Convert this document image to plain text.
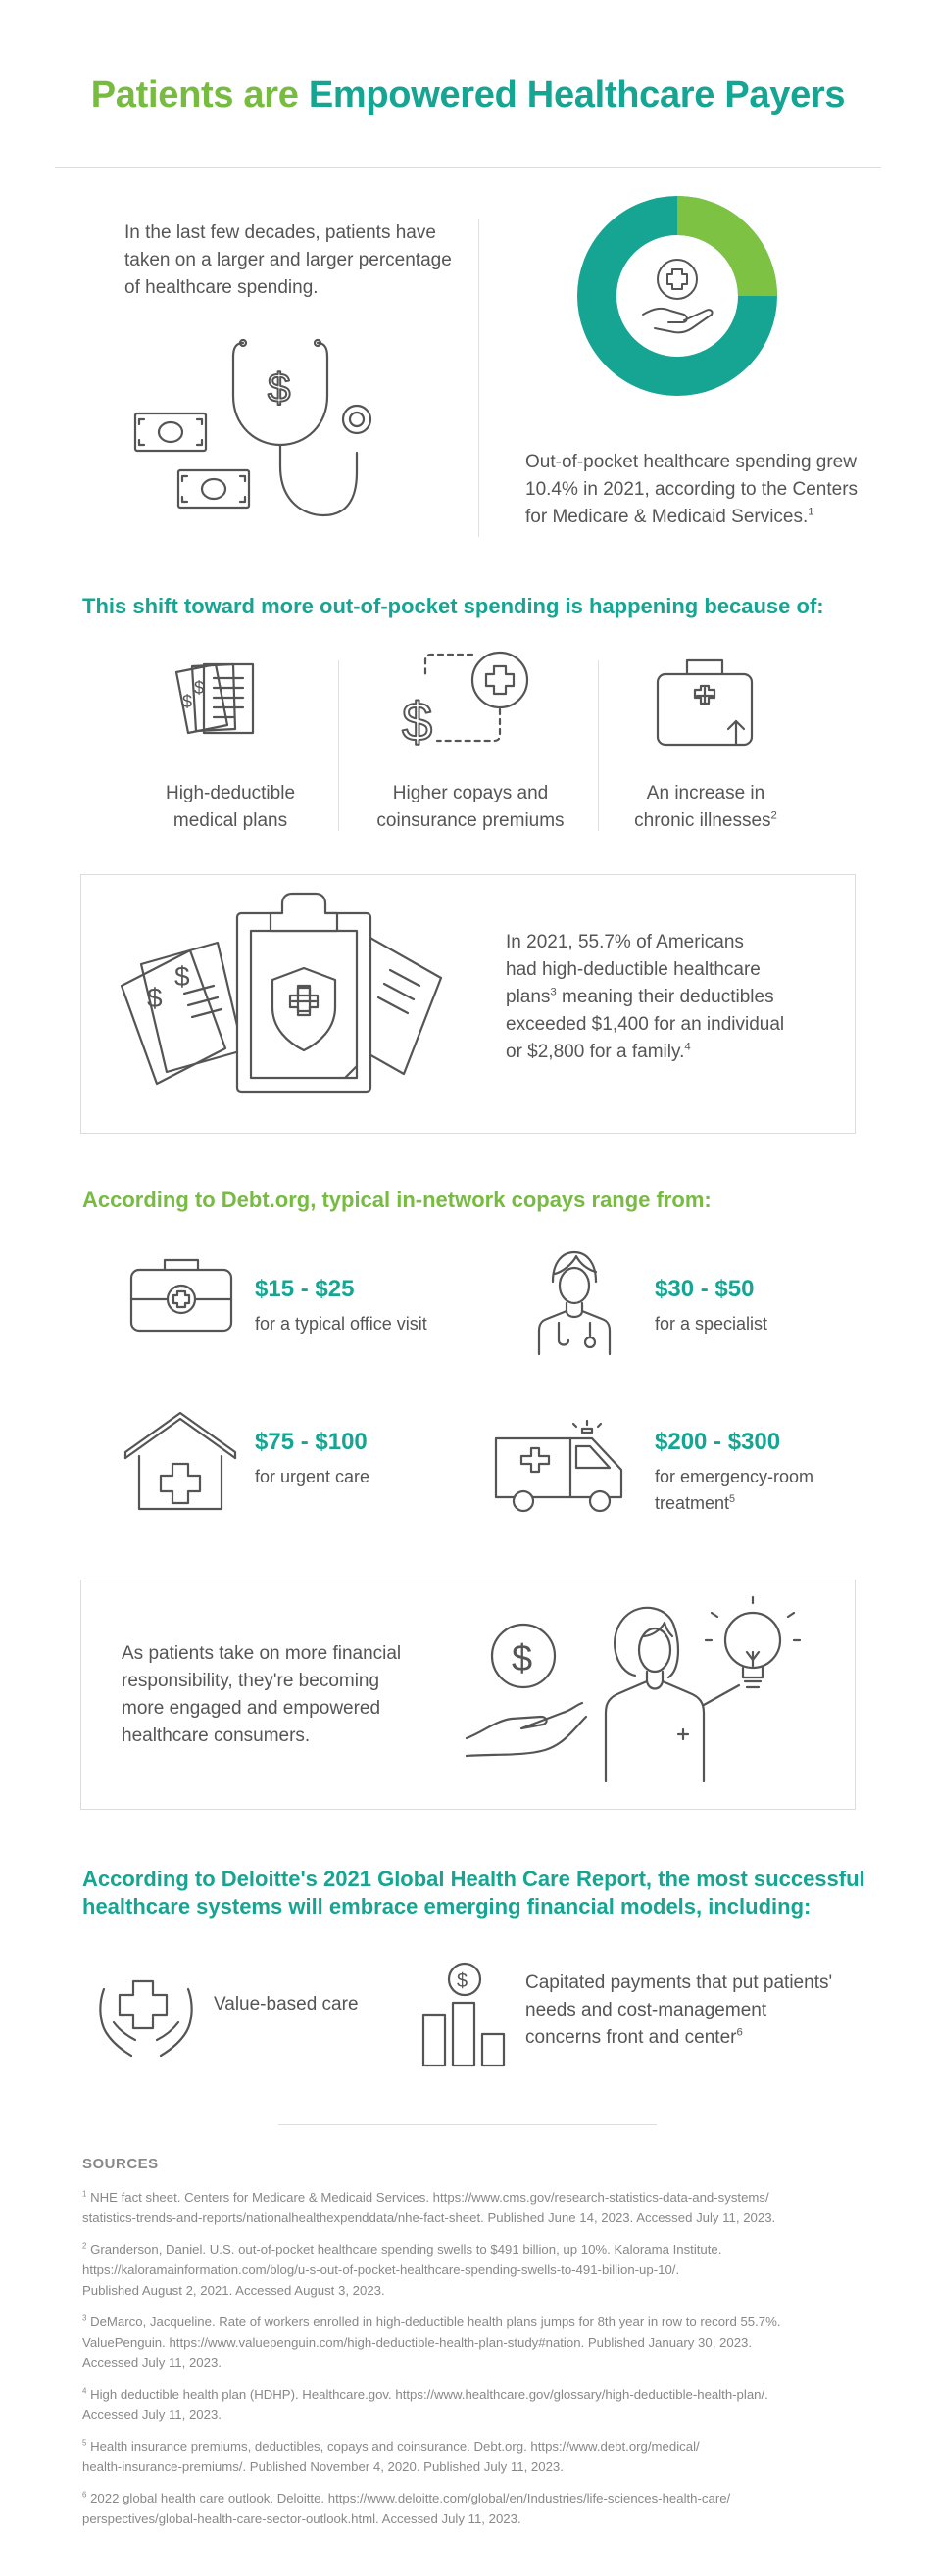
Patients are Empowered Healthcare Payers
In the last few decades, patients have taken on a larger and larger percentage of healthcare spending.
$
Out-of-pocket healthcare spending grew 10.4% in 2021, according to the Centers for Medicare & Medicaid Services.$^1$
This shift toward more out-of-pocket spending is happening because of:
$
$
$
High-deductible
medical plans
Higher copays and
coinsurance premiums
An increase in
chronic illnesses$^2$
$
$
In 2021, 55.7% of Americans
had high-deductible healthcare
plans$^3$ meaning their deductibles
exceeded $1,400 for an individual
or $2,800 for a family.$^4$
According to Debt.org, typical in-network copays range from:
$15 - $25
for a typical office visit
$30 - $50
for a specialist
$75 - $100
for urgent care
$200 - $300
for emergency-room
treatment$^5$
As patients take on more financial
responsibility, they're becoming
more engaged and empowered
healthcare consumers.
$
According to Deloitte's 2021 Global Health Care Report, the most successful
healthcare systems will embrace emerging financial models, including:
Value-based care
$	Capitated payments that put patients'
needs and cost-management
concerns front and center$^6$
SOURCES
$^1$ NHE fact sheet. Centers for Medicare & Medicaid Services. https://www.cms.gov/research-statistics-data-and-systems/
statistics-trends-and-reports/nationalhealthexpenddata/nhe-fact-sheet. Published June 14, 2023. Accessed July 11, 2023.
$^2$ Granderson, Daniel. U.S. out-of-pocket healthcare spending swells to $491 billion, up 10%. Kalorama Institute.
https://kaloramainformation.com/blog/u-s-out-of-pocket-healthcare-spending-swells-to-491-billion-up-10/.
Published August 2, 2021. Accessed August 3, 2023.
$^3$ DeMarco, Jacqueline. Rate of workers enrolled in high-deductible health plans jumps for 8th year in row to record 55.7%.
ValuePenguin. https://www.valuepenguin.com/high-deductible-health-plan-study#nation. Published January 30, 2023.
Accessed July 11, 2023.
$^4$ High deductible health plan (HDHP). Healthcare.gov. https://www.healthcare.gov/glossary/high-deductible-health-plan/.
Accessed July 11, 2023.
$^5$ Health insurance premiums, deductibles, copays and coinsurance. Debt.org. https://www.debt.org/medical/
health-insurance-premiums/. Published November 4, 2020. Published July 11, 2023.
$^6$ 2022 global health care outlook. Deloitte. https://www.deloitte.com/global/en/Industries/life-sciences-health-care/
perspectives/global-health-care-sector-outlook.html. Accessed July 11, 2023.
